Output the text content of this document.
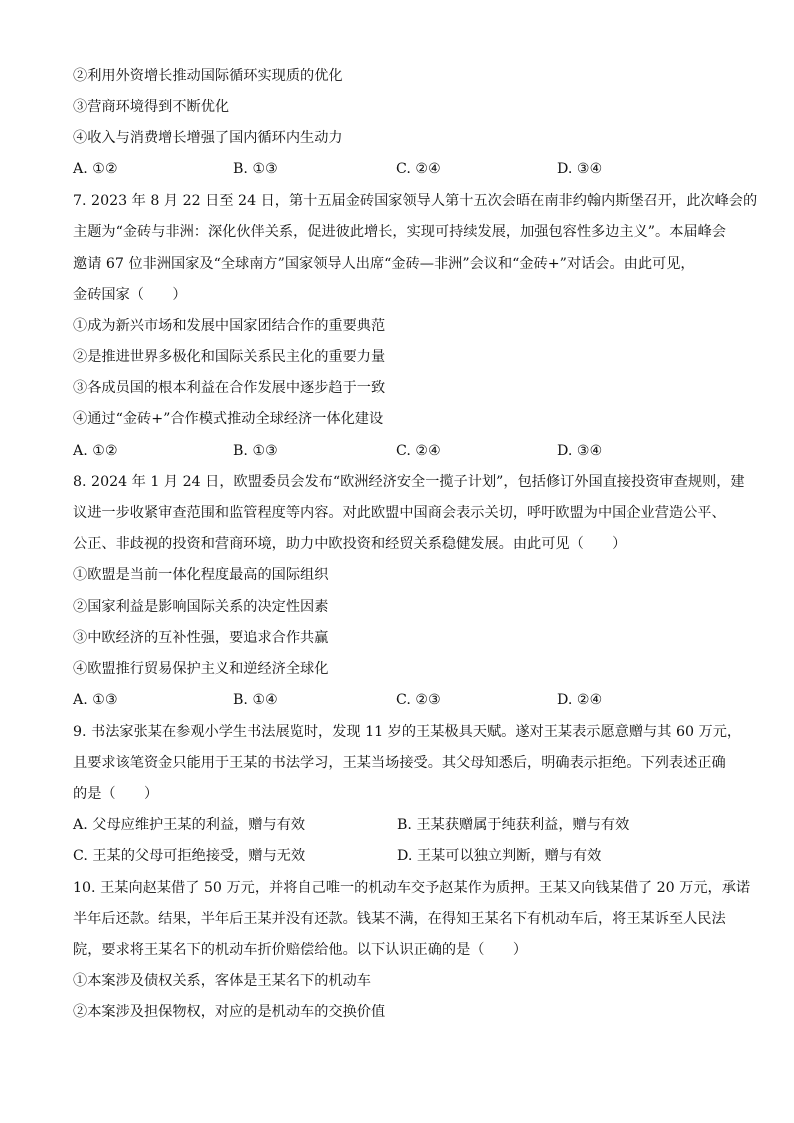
②利用外资增长推动国际循环实现质的优化
③营商环境得到不断优化
④收入与消费增长增强了国内循环内生动力
A. ①②	B. ①③	C. ②④	D. ③④
7. 2023 年 8 月 22 日至 24 日，第十五届金砖国家领导人第十五次会晤在南非约翰内斯堡召开，此次峰会的
主题为“金砖与非洲：深化伙伴关系，促进彼此增长，实现可持续发展，加强包容性多边主义”。本届峰会
邀请 67 位非洲国家及“全球南方”国家领导人出席“金砖—非洲”会议和“金砖+”对话会。由此可见，
金砖国家（　　）
①成为新兴市场和发展中国家团结合作的重要典范
②是推进世界多极化和国际关系民主化的重要力量
③各成员国的根本利益在合作发展中逐步趋于一致
④通过“金砖+”合作模式推动全球经济一体化建设
A. ①②	B. ①③	C. ②④	D. ③④
8. 2024 年 1 月 24 日，欧盟委员会发布“欧洲经济安全一揽子计划”，包括修订外国直接投资审查规则，建
议进一步收紧审查范围和监管程度等内容。对此欧盟中国商会表示关切，呼吁欧盟为中国企业营造公平、
公正、非歧视的投资和营商环境，助力中欧投资和经贸关系稳健发展。由此可见（　　）
①欧盟是当前一体化程度最高的国际组织
②国家利益是影响国际关系的决定性因素
③中欧经济的互补性强，要追求合作共赢
④欧盟推行贸易保护主义和逆经济全球化
A. ①③	B. ①④	C. ②③	D. ②④
9. 书法家张某在参观小学生书法展览时，发现 11 岁的王某极具天赋。遂对王某表示愿意赠与其 60 万元，
且要求该笔资金只能用于王某的书法学习，王某当场接受。其父母知悉后，明确表示拒绝。下列表述正确
的是（　　）
A. 父母应维护王某的利益，赠与有效	B. 王某获赠属于纯获利益，赠与有效
C. 王某的父母可拒绝接受，赠与无效	D. 王某可以独立判断，赠与有效
10. 王某向赵某借了 50 万元，并将自己唯一的机动车交予赵某作为质押。王某又向钱某借了 20 万元，承诺
半年后还款。结果，半年后王某并没有还款。钱某不满，在得知王某名下有机动车后，将王某诉至人民法
院，要求将王某名下的机动车折价赔偿给他。以下认识正确的是（　　）
①本案涉及债权关系，客体是王某名下的机动车
②本案涉及担保物权，对应的是机动车的交换价值
